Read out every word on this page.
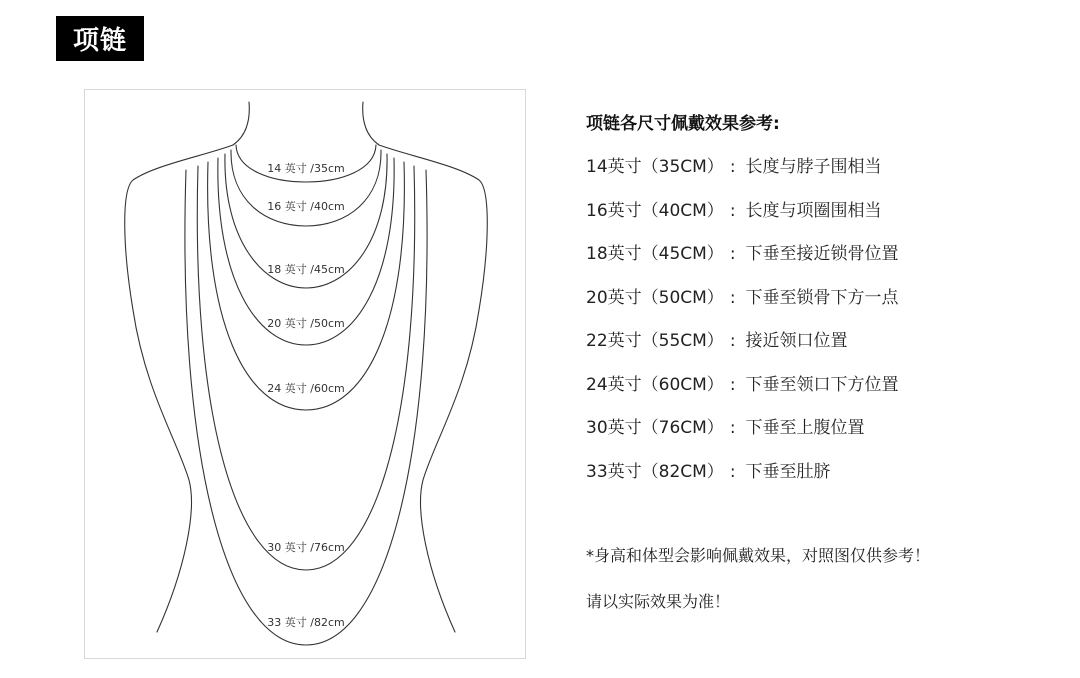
项链
14 英寸 /35cm
16 英寸 /40cm
18 英寸 /45cm
20 英寸 /50cm
24 英寸 /60cm
30 英寸 /76cm
33 英寸 /82cm
项链各尺寸佩戴效果参考:
14英寸（35CM） : 长度与脖子围相当
16英寸（40CM） : 长度与项圈围相当
18英寸（45CM） : 下垂至接近锁骨位置
20英寸（50CM） : 下垂至锁骨下方一点
22英寸（55CM） : 接近领口位置
24英寸（60CM） : 下垂至领口下方位置
30英寸（76CM） : 下垂至上腹位置
33英寸（82CM） : 下垂至肚脐
*身高和体型会影响佩戴效果，对照图仅供参考！
请以实际效果为准！
